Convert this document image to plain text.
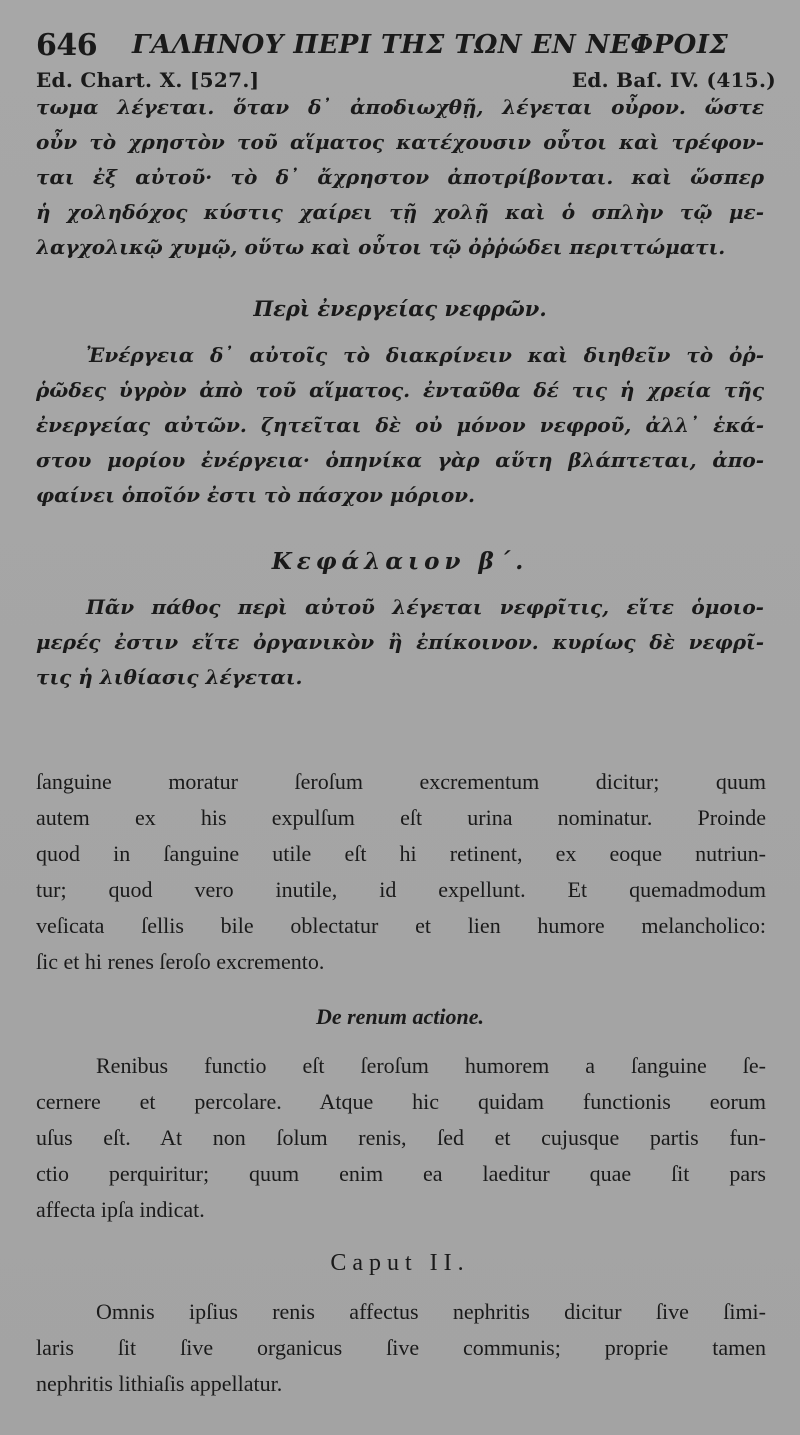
646 ΓΑΛΗΝΟΥ ΠΕΡΙ ΤΗΣ ΤΩΝ ΕΝ ΝΕΦΡΟΙΣ
Ed. Chart. X. [527.]	Ed. Baſ. IV. (415.)
τωμα λέγεται. ὅταν δ᾽ ἀποδιωχθῇ, λέγεται οὖρον. ὥστε
οὖν τὸ χρηστὸν τοῦ αἵματος κατέχουσιν οὗτοι καὶ τρέφον-
ται ἐξ αὐτοῦ· τὸ δ᾽ ἄχρηστον ἀποτρίβονται. καὶ ὥσπερ
ἡ χοληδόχος κύστις χαίρει τῇ χολῇ καὶ ὁ σπλὴν τῷ με-
λαγχολικῷ χυμῷ, οὕτω καὶ οὗτοι τῷ ὀῤῥώδει περιττώματι.
Περὶ ἐνεργείας νεφρῶν.
Ἐνέργεια δ᾽ αὐτοῖς τὸ διακρίνειν καὶ διηθεῖν τὸ ὀῤ-
ῥῶδες ὑγρὸν ἀπὸ τοῦ αἵματος. ἐνταῦθα δέ τις ἡ χρεία τῆς
ἐνεργείας αὐτῶν. ζητεῖται δὲ οὐ μόνον νεφροῦ, ἀλλ᾽ ἑκά-
στου μορίου ἐνέργεια· ὁπηνίκα γὰρ αὕτη βλάπτεται, ἀπο-
φαίνει ὁποῖόν ἐστι τὸ πάσχον μόριον.
Κεφάλαιον β΄.
Πᾶν πάθος περὶ αὐτοῦ λέγεται νεφρῖτις, εἴτε ὁμοιο-
μερές ἐστιν εἴτε ὀργανικὸν ἢ ἐπίκοινον. κυρίως δὲ νεφρῖ-
τις ἡ λιθίασις λέγεται.
ſanguine moratur ſeroſum excrementum dicitur; quum
autem ex his expulſum eſt urina nominatur. Proinde
quod in ſanguine utile eſt hi retinent, ex eoque nutriun-
tur; quod vero inutile, id expellunt. Et quemadmodum
veſicata ſellis bile oblectatur et lien humore melancholico:
ſic et hi renes ſeroſo excremento.
De renum actione.
Renibus functio eſt ſeroſum humorem a ſanguine ſe-
cernere et percolare. Atque hic quidam functionis eorum
uſus eſt. At non ſolum renis, ſed et cujusque partis fun-
ctio perquiritur; quum enim ea laeditur quae ſit pars
affecta ipſa indicat.
Caput II.
Omnis ipſius renis affectus nephritis dicitur ſive ſimi-
laris ſit ſive organicus ſive communis; proprie tamen
nephritis lithiaſis appellatur.
